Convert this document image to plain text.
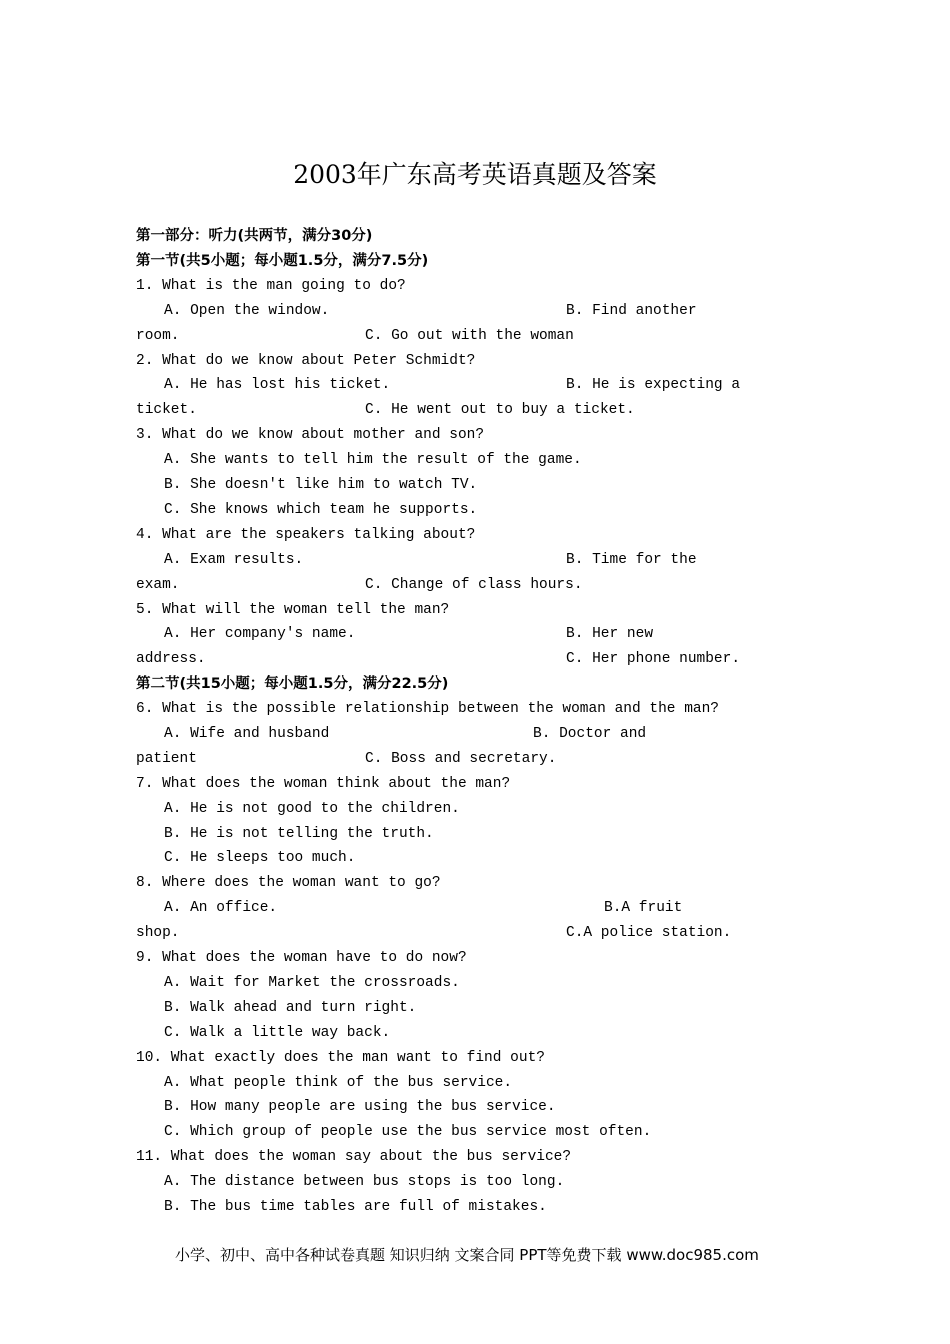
2003年广东高考英语真题及答案
第一部分：听力(共两节，满分30分)
第一节(共5小题；每小题1.5分，满分7.5分)
1. What is the man going to do?
A. Open the window.	B. Find another
room.	C. Go out with the woman
2. What do we know about Peter Schmidt?
A. He has lost his ticket.	B. He is expecting a
ticket.	C. He went out to buy a ticket.
3. What do we know about mother and son?
A. She wants to tell him the result of the game.
B. She doesn't like him to watch TV.
C. She knows which team he supports.
4. What are the speakers talking about?
A. Exam results.	B. Time for the
exam.	C. Change of class hours.
5. What will the woman tell the man?
A. Her company's name.	B. Her new
address.	C. Her phone number.
第二节(共15小题；每小题1.5分，满分22.5分)
6. What is the possible relationship between the woman and the man?
A. Wife and husband	B. Doctor and
patient	C. Boss and secretary.
7. What does the woman think about the man?
A. He is not good to the children.
B. He is not telling the truth.
C. He sleeps too much.
8. Where does the woman want to go?
A. An office.	B.A fruit
shop.	C.A police station.
9. What does the woman have to do now?
A. Wait for Market the crossroads.
B. Walk ahead and turn right.
C. Walk a little way back.
10. What exactly does the man want to find out?
A. What people think of the bus service.
B. How many people are using the bus service.
C. Which group of people use the bus service most often.
11. What does the woman say about the bus service?
A. The distance between bus stops is too long.
B. The bus time tables are full of mistakes.
小学、初中、高中各种试卷真题 知识归纳 文案合同 PPT等免费下载 www.doc985.com
